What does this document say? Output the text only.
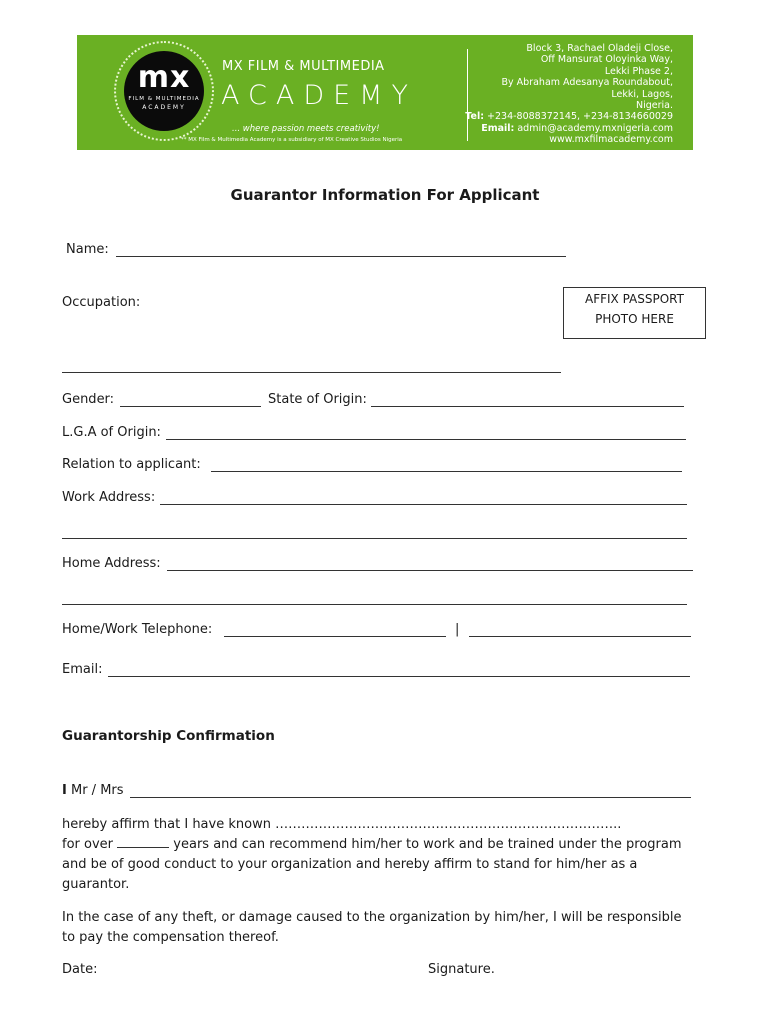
mx
FILM & MULTIMEDIA
ACADEMY
MX FILM & MULTIMEDIA
ACADEMY
... where passion meets creativity!
** MX Film & Multimedia Academy is a subsidiary of MX Creative Studios Nigeria
Block 3, Rachael Oladeji Close,
Off Mansurat Oloyinka Way,
Lekki Phase 2,
By Abraham Adesanya Roundabout,
Lekki, Lagos,
Nigeria.
Tel: +234-8088372145, +234-8134660029
Email: admin@academy.mxnigeria.com
www.mxfilmacademy.com
Guarantor Information For Applicant
Name:
Occupation:	AFFIX PASSPORT
PHOTO HERE
Gender:	State of Origin:
L.G.A of Origin:
Relation to applicant:
Work Address:
Home Address:
Home/Work Telephone:	|
Email:
Guarantorship Confirmation
I Mr / Mrs
hereby affirm that I have known ……………………………………………………………………..
for over	years and can recommend him/her to work and be trained under the program
and be of good conduct to your organization and hereby affirm to stand for him/her as a
guarantor.
In the case of any theft, or damage caused to the organization by him/her, I will be responsible
to pay the compensation thereof.
Date:	Signature.
